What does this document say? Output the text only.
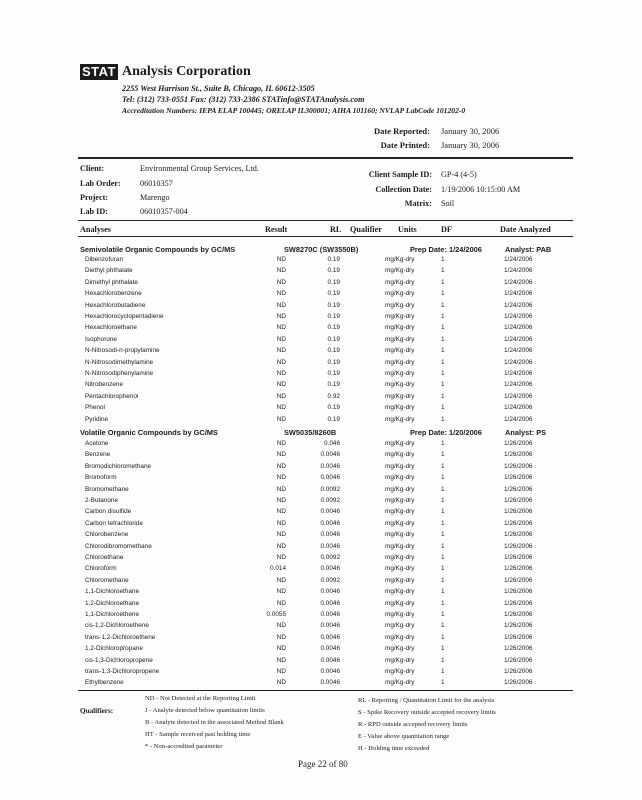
STAT Analysis Corporation
2255 West Harrison St., Suite B, Chicago, IL 60612-3505
Tel: (312) 733-0551 Fax: (312) 733-2386 STATinfo@STATAnalysis.com
Accreditation Numbers: IEPA ELAP 100445; ORELAP IL300001; AIHA 101160; NVLAP LabCode 101202-0
Date Reported: January 30, 2006
Date Printed: January 30, 2006
Client:	Environmental Group Services, Ltd.
Lab Order: 06010357
Project:	Marengo
Lab ID:	06010357-004
Client Sample ID: GP-4 (4-5)
Collection Date: 1/19/2006 10:15:00 AM
Matrix: Soil
Analyses	Result	RL Qualifier Units	DF	Date Analyzed
Semivolatile Organic Compounds by GC/MS	SW8270C (SW3550B)	Prep Date: 1/24/2006	Analyst: PAB
Dibenzofuran	ND	0.19	mg/Kg-dry	1	1/24/2006
Diethyl phthalate	ND	0.19	mg/Kg-dry	1	1/24/2006
Dimethyl phthalate	ND	0.19	mg/Kg-dry	1	1/24/2006
Hexachlorobenzene	ND	0.19	mg/Kg-dry	1	1/24/2006
Hexachlorobutadiene	ND	0.19	mg/Kg-dry	1	1/24/2006
Hexachlorocyclopentadiene	ND	0.19	mg/Kg-dry	1	1/24/2006
Hexachloroethane	ND	0.19	mg/Kg-dry	1	1/24/2006
Isophorone	ND	0.19	mg/Kg-dry	1	1/24/2006
N-Nitrosodi-n-propylamine	ND	0.19	mg/Kg-dry	1	1/24/2006
N-Nitrosodimethylamine	ND	0.19	mg/Kg-dry	1	1/24/2006
N-Nitrosodiphenylamine	ND	0.19	mg/Kg-dry	1	1/24/2006
Nitrobenzene	ND	0.19	mg/Kg-dry	1	1/24/2006
Pentachlorophenol	ND	0.92	mg/Kg-dry	1	1/24/2006
Phenol	ND	0.19	mg/Kg-dry	1	1/24/2006
Pyridine	ND	0.19	mg/Kg-dry	1	1/24/2006
Volatile Organic Compounds by GC/MS	SW5035/8260B	Prep Date: 1/20/2006	Analyst: PS
Acetone	ND	0.046	mg/Kg-dry	1	1/26/2006
Benzene	ND	0.0046	mg/Kg-dry	1	1/26/2006
Bromodichloromethane	ND	0.0046	mg/Kg-dry	1	1/26/2006
Bromoform	ND	0.0046	mg/Kg-dry	1	1/26/2006
Bromomethane	ND	0.0092	mg/Kg-dry	1	1/26/2006
2-Butanone	ND	0.0092	mg/Kg-dry	1	1/26/2006
Carbon disulfide	ND	0.0046	mg/Kg-dry	1	1/26/2006
Carbon tetrachloride	ND	0.0046	mg/Kg-dry	1	1/26/2006
Chlorobenzene	ND	0.0046	mg/Kg-dry	1	1/26/2006
Chlorodibromomethane	ND	0.0046	mg/Kg-dry	1	1/26/2006
Chloroethane	ND	0.0092	mg/Kg-dry	1	1/26/2006
Chloroform	0.014	0.0046	mg/Kg-dry	1	1/26/2006
Chloromethane	ND	0.0092	mg/Kg-dry	1	1/26/2006
1,1-Dichloroethane	ND	0.0046	mg/Kg-dry	1	1/26/2006
1,2-Dichloroethane	ND	0.0046	mg/Kg-dry	1	1/26/2006
1,1-Dichloroethene	0.0055	0.0046	mg/Kg-dry	1	1/26/2006
cis-1,2-Dichloroethene	ND	0.0046	mg/Kg-dry	1	1/26/2006
trans-1,2-Dichloroethene	ND	0.0046	mg/Kg-dry	1	1/26/2006
1,2-Dichloropropane	ND	0.0046	mg/Kg-dry	1	1/26/2006
cis-1,3-Dichloropropene	ND	0.0046	mg/Kg-dry	1	1/26/2006
trans-1,3-Dichloropropene	ND	0.0046	mg/Kg-dry	1	1/26/2006
Ethylbenzene	ND	0.0046	mg/Kg-dry	1	1/26/2006
Qualifiers:
ND - Not Detected at the Reporting Limit
J - Analyte detected below quantitation limits
B - Analyte detected in the associated Method Blank
HT - Sample received past holding time
* - Non-accredited parameter
RL - Reporting / Quantitation Limit for the analysis
S - Spike Recovery outside accepted recovery limits
R - RPD outside accepted recovery limits
E - Value above quantitation range
H - Holding time exceeded
Page 22 of 80
